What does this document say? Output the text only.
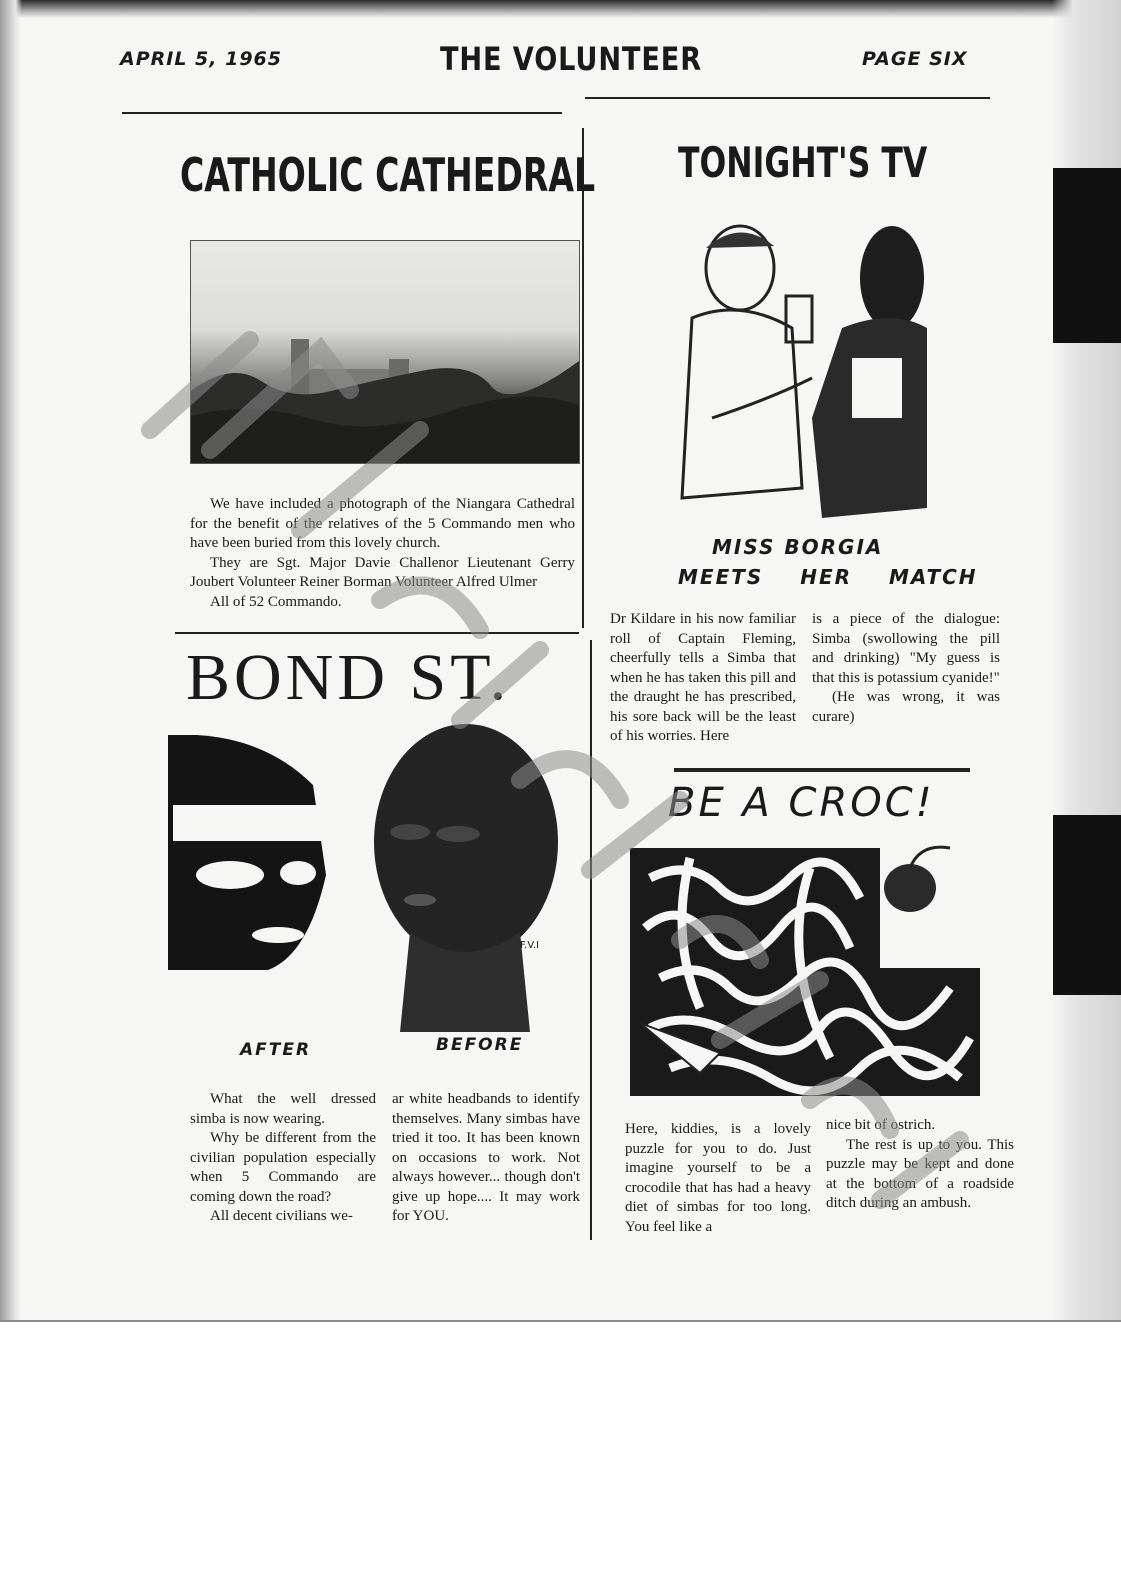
APRIL 5, 1965	THE VOLUNTEER	PAGE SIX
CATHOLIC CATHEDRAL

We have included a photograph of the Niangara Cathedral for the benefit of the relatives of the 5 Commando men who have been buried from this lovely church.

They are Sgt. Major Davie Challenor Lieutenant Gerry Joubert Volunteer Reiner Borman Volunteer Alfred Ulmer

All of 52 Commando.

TONIGHT'S TV
MISS BORGIA
MEETS HER MATCH
Dr Kildare in his now familiar roll of Captain Fleming, cheerfully tells a Simba that when he has taken this pill and the draught he has prescribed, his sore back will be the least of his worries. Here

is a piece of the dialogue: Simba (swollowing the pill and drinking) "My guess is that this is potassium cyanide!"

(He was wrong, it was curare)

BOND ST.
F.V.I
AFTER	BEFORE

What the well dressed simba is now wearing.

Why be different from the civilian population especially when 5 Commando are coming down the road?

All decent civilians we-

ar white headbands to identify themselves. Many simbas have tried it too. It has been known on occasions to work. Not always however... though don't give up hope.... It may work for YOU.
BE A CROC!
Here, kiddies, is a lovely puzzle for you to do. Just imagine yourself to be a crocodile that has had a heavy diet of simbas for too long. You feel like a

nice bit of ostrich.

The rest is up to you. This puzzle may be kept and done at the bottom of a roadside ditch during an ambush.
